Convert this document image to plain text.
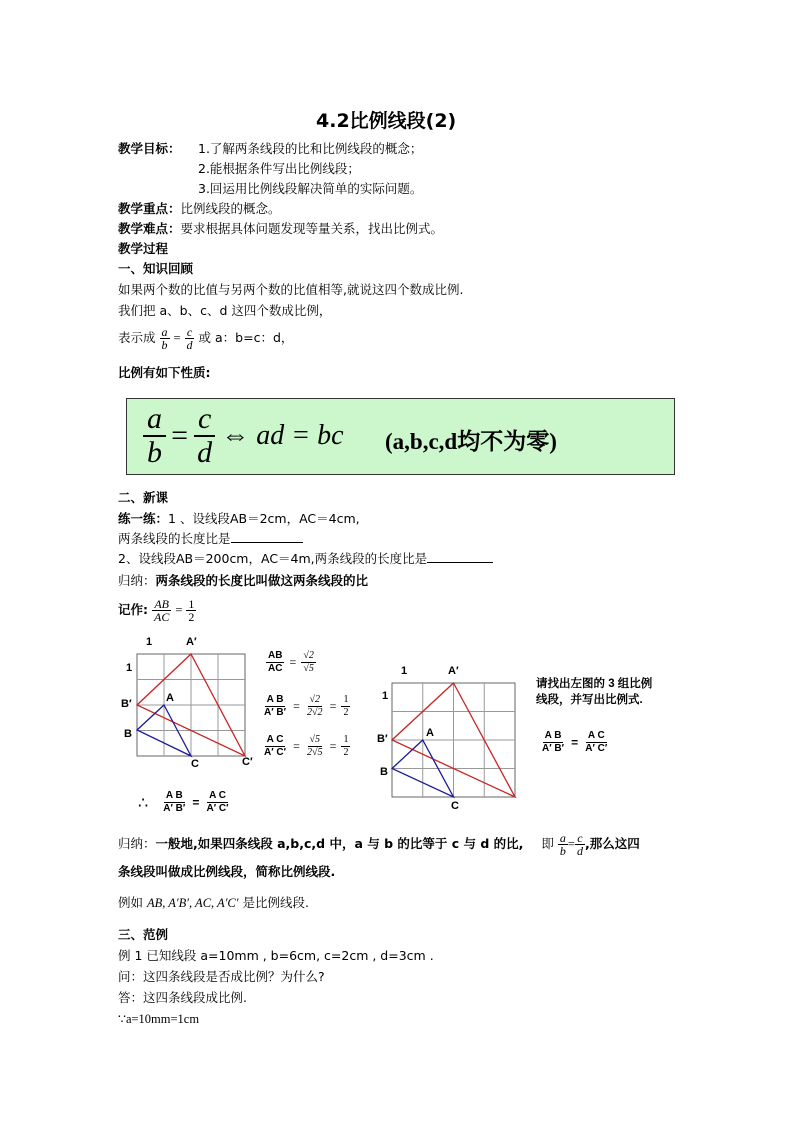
4.2比例线段(2)
教学目标： 1.了解两条线段的比和比例线段的概念；
2.能根据条件写出比例线段；
3.回运用比例线段解决简单的实际问题。
教学重点：比例线段的概念。
教学难点：要求根据具体问题发现等量关系，找出比例式。
教学过程
一、知识回顾
如果两个数的比值与另两个数的比值相等,就说这四个数成比例.
我们把 a、b、c、d 这四个数成比例，
表示成 $\frac{a}{b} = \frac{c}{d}$ 或 a：b=c：d，
比例有如下性质:
$\frac{a}{b} = \frac{c}{d}$ ⇔ ad = bc (a,b,c,d均不为零)
二、新课
练一练：1 、设线段AB＝2cm，AC＝4cm,
两条线段的长度比是
2、设线段AB＝200cm，AC＝4m,两条线段的长度比是
归纳：两条线段的长度比叫做这两条线段的比
记作: $\frac{AB}{AC} = \frac{1}{2}$
1	A′
1
B′	A
B
C	C′
$\frac{AB}{AC} = \frac{√2}{√5}$
$\frac{\text{A B}}{A' B'} = \frac{√2}{2√2} = \frac{1}{2}$
$\frac{\text{A C}}{A' C'} = \frac{√5}{2√5} = \frac{1}{2}$
∴ $\frac{\text{A B}}{A' B'} = \frac{\text{A C}}{A' C'}$
1	A′
1
B′	A
B
C
请找出左图的 3 组比例线段，并写出比例式.
$\frac{\text{A B}}{A' B'} = \frac{\text{A C}}{A' C'}$
归纳：一般地,如果四条线段 a,b,c,d 中，a 与 b 的比等于 c 与 d 的比, 即 $\frac{a}{b} = \frac{c}{d}$ ,那么这四
条线段叫做成比例线段，简称比例线段.
例如 AB, A′B′, AC, A′C′ 是比例线段.
三、范例
例 1 已知线段 a=10mm , b=6cm, c=2cm , d=3cm .
问：这四条线段是否成比例？为什么?
答：这四条线段成比例.
∵a=10mm=1cm
